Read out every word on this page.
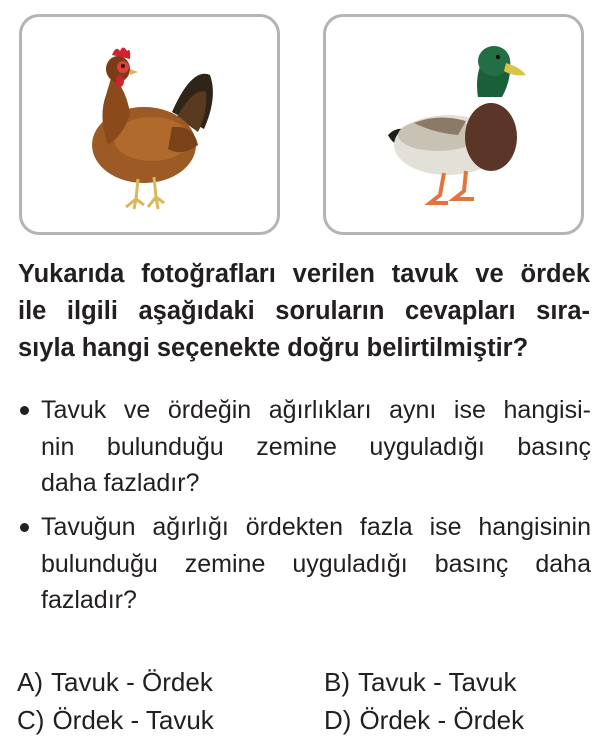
Yukarıda fotoğrafları verilen tavuk ve ördek
ile ilgili aşağıdaki soruların cevapları sıra-
sıyla hangi seçenekte doğru belirtilmiştir?
Tavuk ve ördeğin ağırlıkları aynı ise hangisi-
nin bulunduğu zemine uyguladığı basınç
daha fazladır?
Tavuğun ağırlığı ördekten fazla ise hangisinin
bulunduğu zemine uyguladığı basınç daha
fazladır?
A) Tavuk - Ördek	B) Tavuk - Tavuk
C) Ördek - Tavuk	D) Ördek - Ördek
